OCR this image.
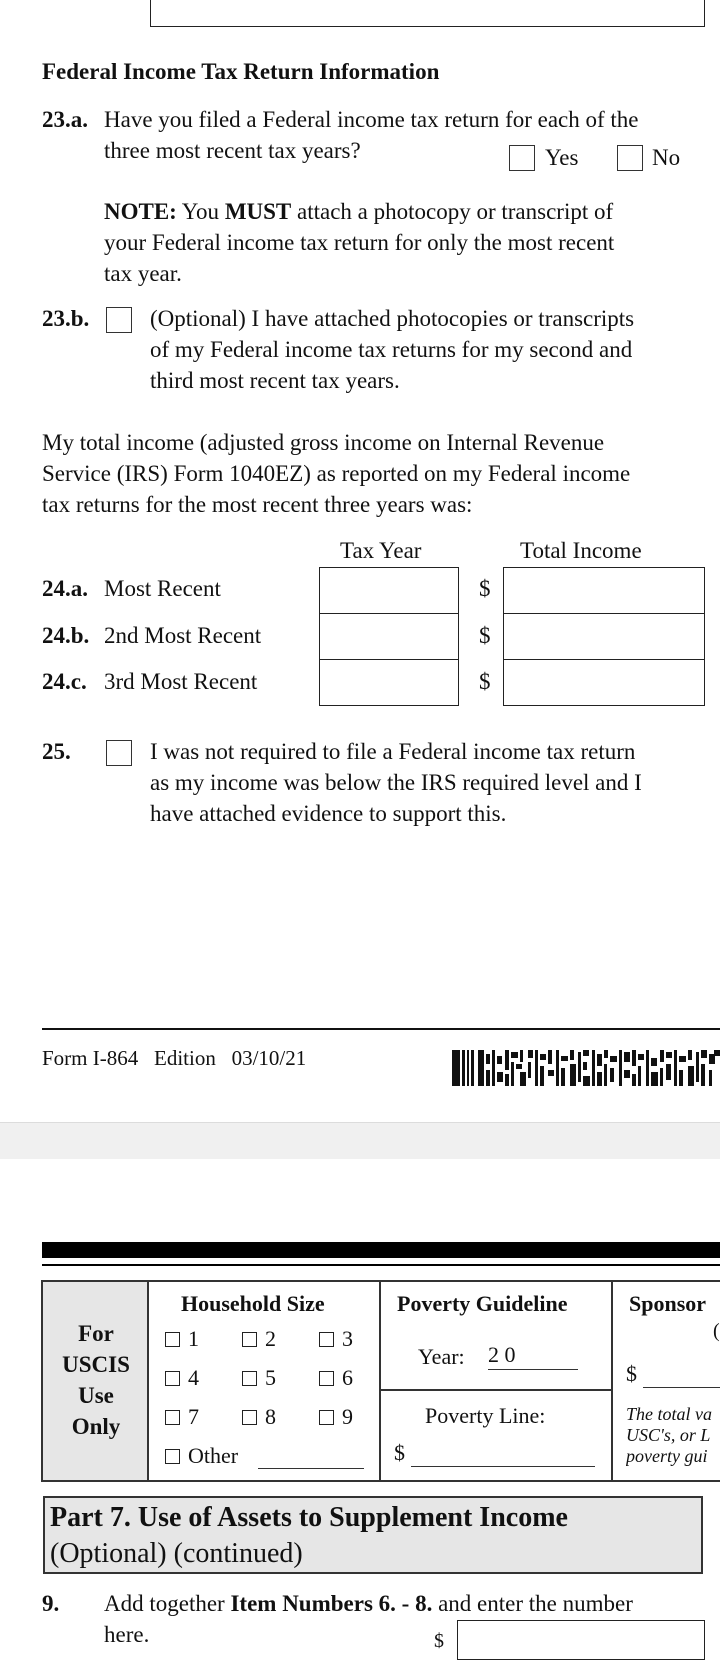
Federal Income Tax Return Information
23.a. Have you filed a Federal income tax return for each of the
three most recent tax years?	Yes	No
NOTE: You MUST attach a photocopy or transcript of
your Federal income tax return for only the most recent
tax year.
23.b.	(Optional) I have attached photocopies or transcripts
of my Federal income tax returns for my second and
third most recent tax years.
My total income (adjusted gross income on Internal Revenue
Service (IRS) Form 1040EZ) as reported on my Federal income
tax returns for the most recent three years was:
Tax Year	Total Income
24.a. Most Recent	$
24.b. 2nd Most Recent	$
24.c. 3rd Most Recent	$
25.	I was not required to file a Federal income tax return
as my income was below the IRS required level and I
have attached evidence to support this.
Form I-864 Edition 03/10/21
For
USCIS
Use
Only
Household Size
1	2	3
4	5	6
7	8	9
Other
Poverty Guideline
Year: 2 0
Poverty Line:
$
Sponsor
(
$
The total va
USC's, or L
poverty gui
Part 7. Use of Assets to Supplement Income
(Optional) (continued)
9. Add together Item Numbers 6. - 8. and enter the number
here.	$
